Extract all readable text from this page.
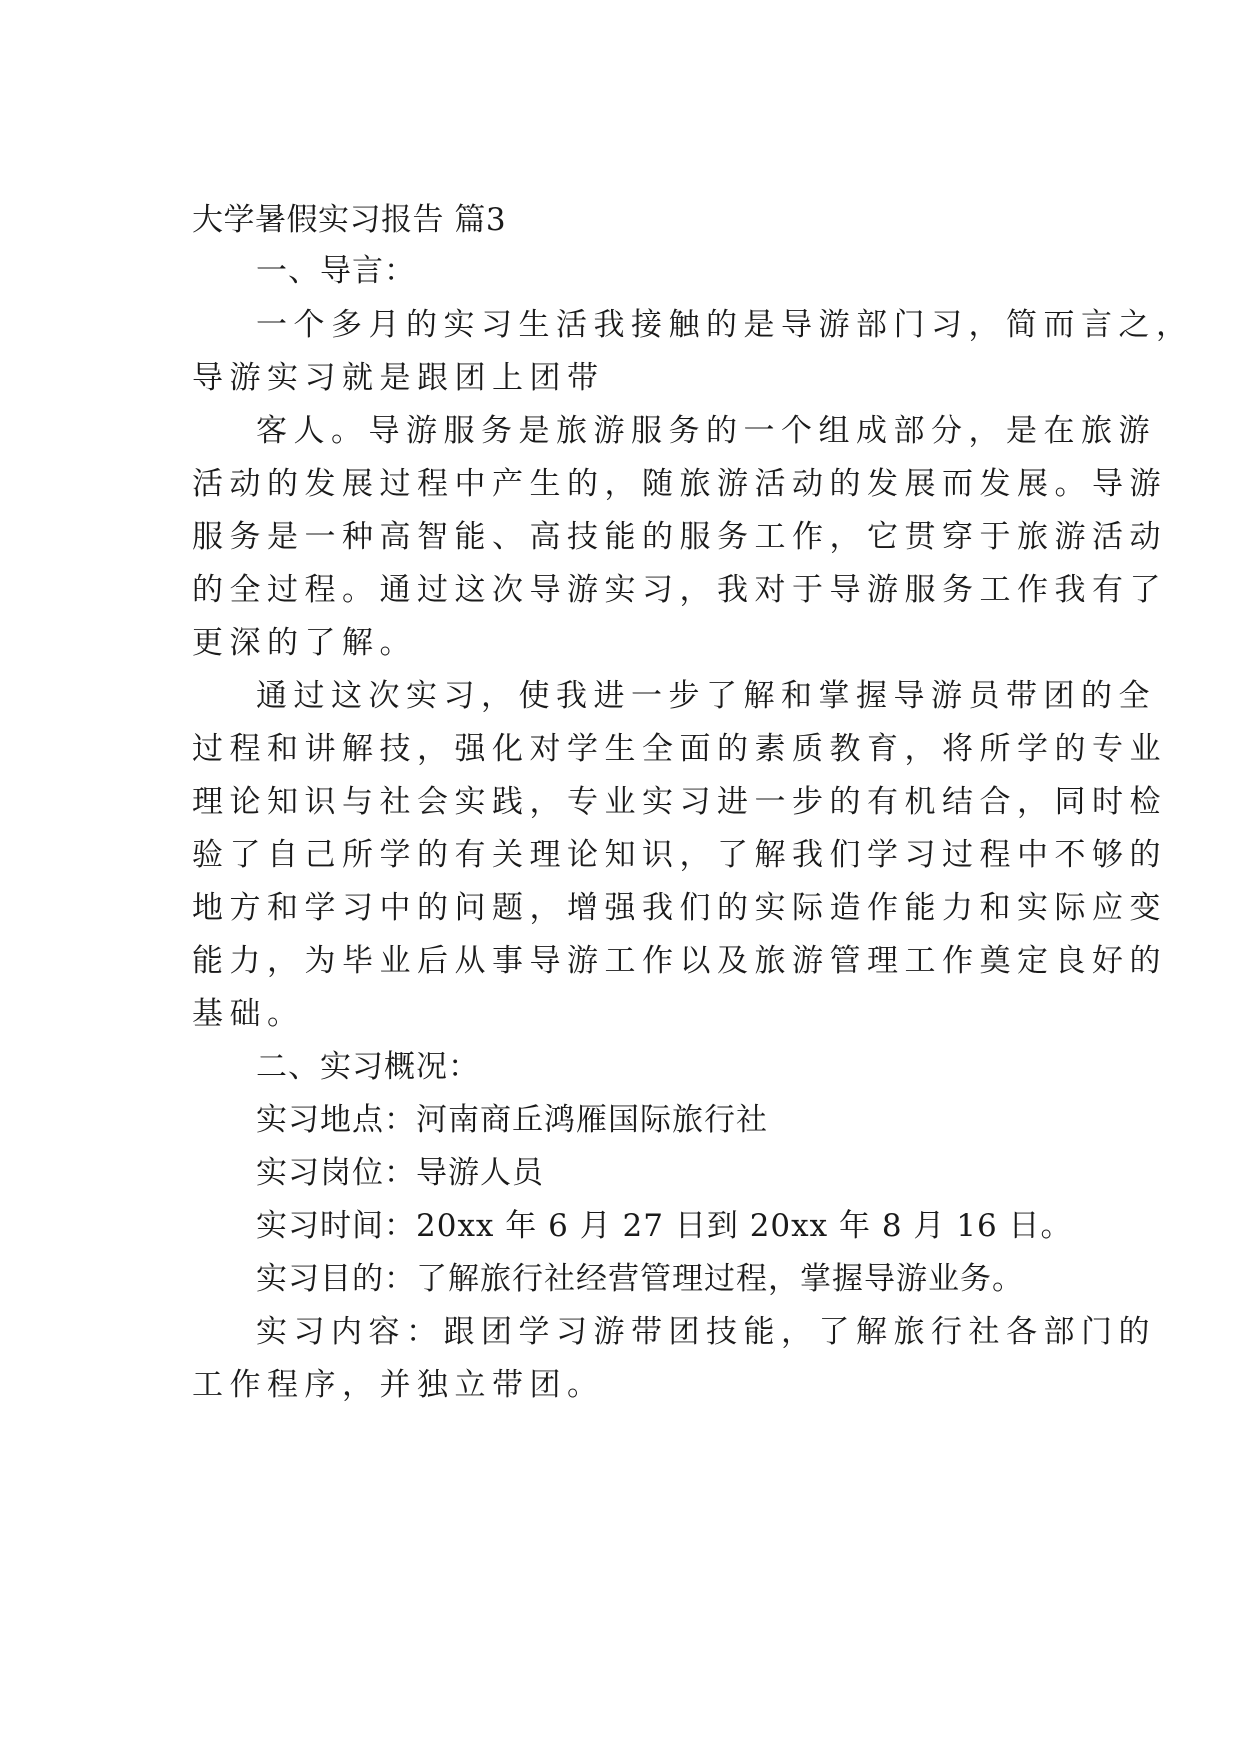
大学暑假实习报告 篇3
一、导言：
一个多月的实习生活我接触的是导游部门习，简而言之，
导游实习就是跟团上团带
客人。导游服务是旅游服务的一个组成部分，是在旅游
活动的发展过程中产生的，随旅游活动的发展而发展。导游
服务是一种高智能、高技能的服务工作，它贯穿于旅游活动
的全过程。通过这次导游实习，我对于导游服务工作我有了
更深的了解。
通过这次实习，使我进一步了解和掌握导游员带团的全
过程和讲解技，强化对学生全面的素质教育，将所学的专业
理论知识与社会实践，专业实习进一步的有机结合，同时检
验了自己所学的有关理论知识，了解我们学习过程中不够的
地方和学习中的问题，增强我们的实际造作能力和实际应变
能力，为毕业后从事导游工作以及旅游管理工作奠定良好的
基础。
二、实习概况：
实习地点：河南商丘鸿雁国际旅行社
实习岗位：导游人员
实习时间：20xx 年 6 月 27 日到 20xx 年 8 月 16 日。
实习目的：了解旅行社经营管理过程，掌握导游业务。
实习内容：跟团学习游带团技能，了解旅行社各部门的
工作程序，并独立带团。
